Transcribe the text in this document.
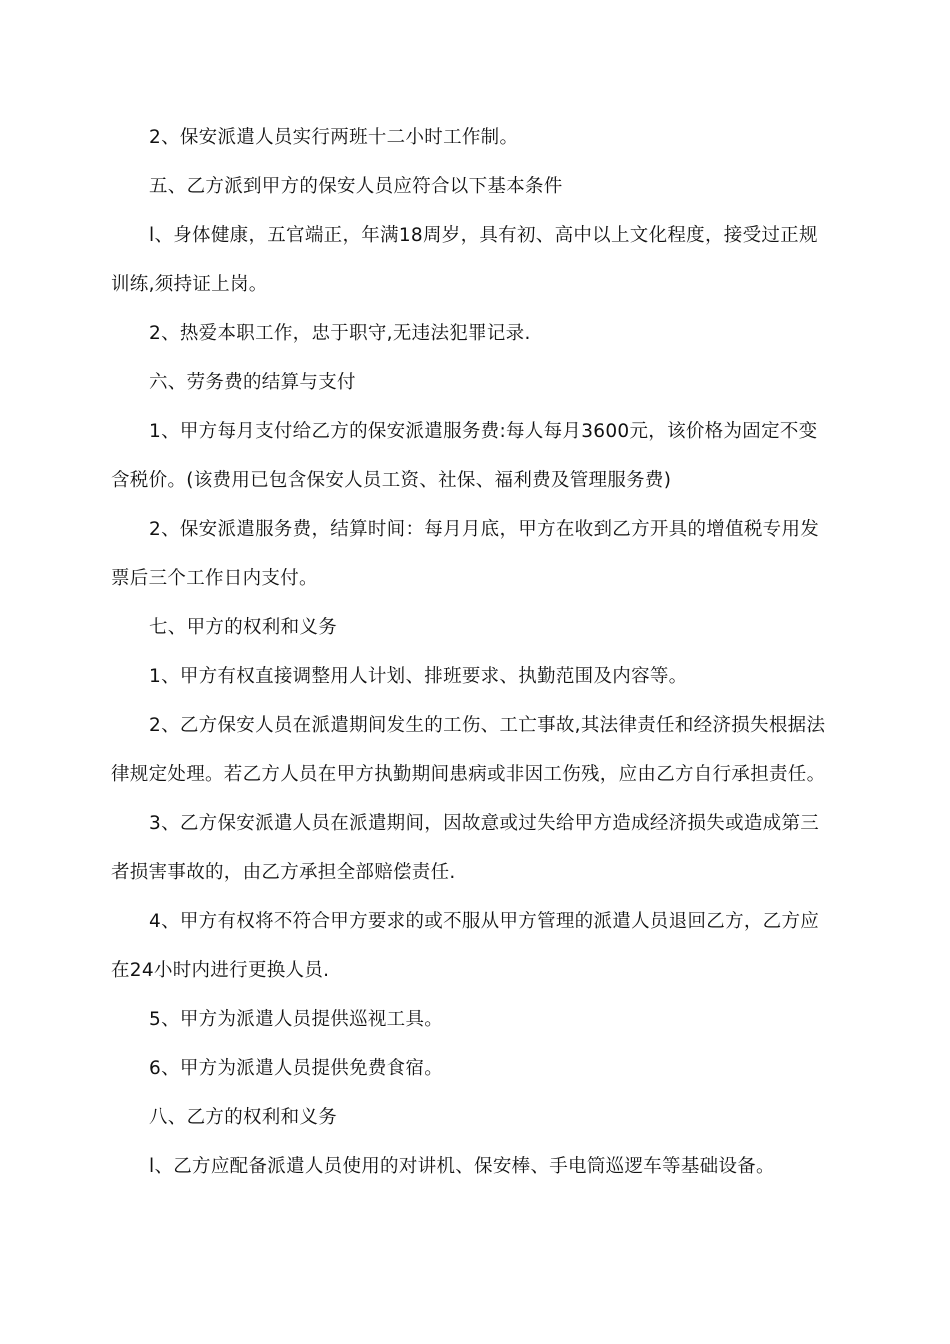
2、保安派遣人员实行两班十二小时工作制。

五、乙方派到甲方的保安人员应符合以下基本条件

l、身体健康，五官端正，年满18周岁，具有初、高中以上文化程度，接受过正规
训练,须持证上岗。

2、热爱本职工作，忠于职守,无违法犯罪记录.

六、劳务费的结算与支付

1、甲方每月支付给乙方的保安派遣服务费:每人每月3600元，该价格为固定不变
含税价。(该费用已包含保安人员工资、社保、福利费及管理服务费)

2、保安派遣服务费，结算时间：每月月底，甲方在收到乙方开具的增值税专用发
票后三个工作日内支付。

七、甲方的权利和义务

1、甲方有权直接调整用人计划、排班要求、执勤范围及内容等。

2、乙方保安人员在派遣期间发生的工伤、工亡事故,其法律责任和经济损失根据法
律规定处理。若乙方人员在甲方执勤期间患病或非因工伤残，应由乙方自行承担责任。

3、乙方保安派遣人员在派遣期间，因故意或过失给甲方造成经济损失或造成第三
者损害事故的，由乙方承担全部赔偿责任.

4、甲方有权将不符合甲方要求的或不服从甲方管理的派遣人员退回乙方，乙方应
在24小时内进行更换人员.

5、甲方为派遣人员提供巡视工具。

6、甲方为派遣人员提供免费食宿。

八、乙方的权利和义务

l、乙方应配备派遣人员使用的对讲机、保安棒、手电筒巡逻车等基础设备。
